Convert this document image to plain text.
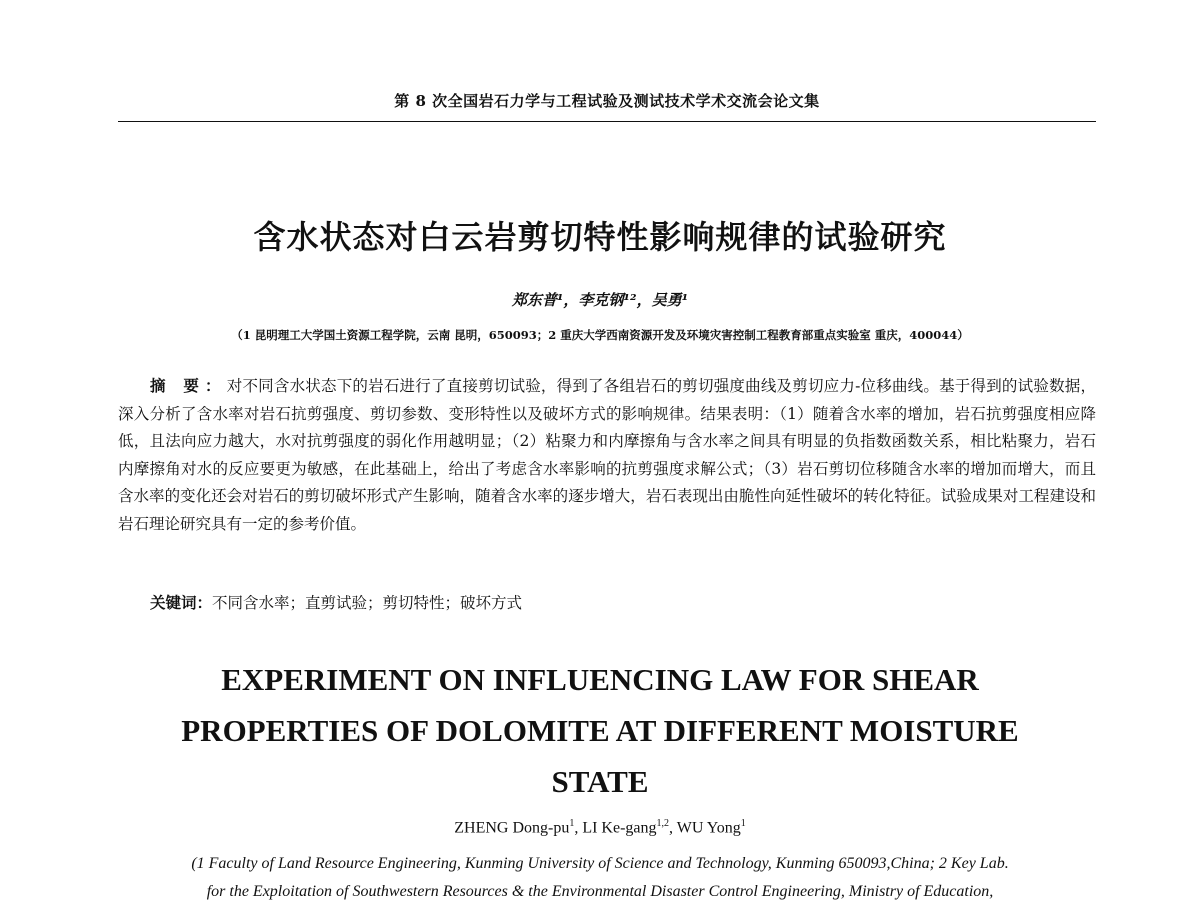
第 8 次全国岩石力学与工程试验及测试技术学术交流会论文集
含水状态对白云岩剪切特性影响规律的试验研究
郑东普¹，李克钢¹²，吴勇¹
（1 昆明理工大学国土资源工程学院，云南 昆明，650093；2 重庆大学西南资源开发及环境灾害控制工程教育部重点实验室 重庆，400044）
摘 要：对不同含水状态下的岩石进行了直接剪切试验，得到了各组岩石的剪切强度曲线及剪切应力-位移曲线。基于得到的试验数据，深入分析了含水率对岩石抗剪强度、剪切参数、变形特性以及破坏方式的影响规律。结果表明：（1）随着含水率的增加，岩石抗剪强度相应降低，且法向应力越大，水对抗剪强度的弱化作用越明显；（2）粘聚力和内摩擦角与含水率之间具有明显的负指数函数关系，相比粘聚力，岩石内摩擦角对水的反应要更为敏感，在此基础上，给出了考虑含水率影响的抗剪强度求解公式；（3）岩石剪切位移随含水率的增加而增大，而且含水率的变化还会对岩石的剪切破坏形式产生影响，随着含水率的逐步增大，岩石表现出由脆性向延性破坏的转化特征。试验成果对工程建设和岩石理论研究具有一定的参考价值。
关键词：不同含水率；直剪试验；剪切特性；破坏方式
EXPERIMENT ON INFLUENCING LAW FOR SHEAR
PROPERTIES OF DOLOMITE AT DIFFERENT MOISTURE
STATE
ZHENG Dong-$pu^1$, LI Ke-gang$^{1,2}$, WU Yong$^1$
(1 Faculty of Land Resource Engineering, Kunming University of Science and Technology, Kunming 650093,China; 2 Key Lab.
for the Exploitation of Southwestern Resources & the Environmental Disaster Control Engineering, Ministry of Education,
